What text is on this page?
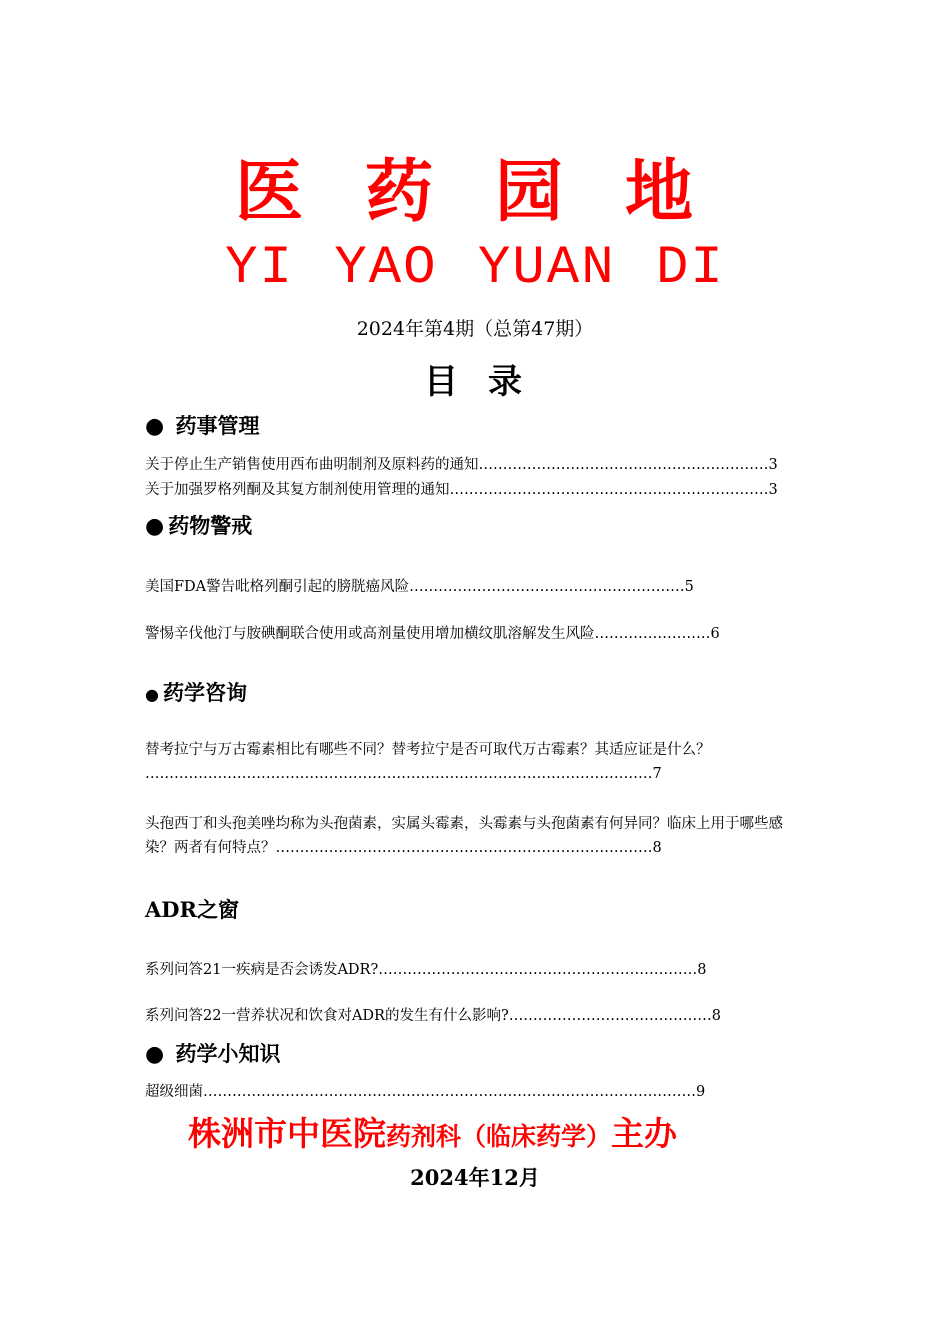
医药园地
YI YAO YUAN DI
2024年第4期（总第47期）
目录
● 药事管理
关于停止生产销售使用西布曲明制剂及原料药的通知……………………………………………………3
关于加强罗格列酮及其复方制剂使用管理的通知…………………………………………………………3
● 药物警戒
美国FDA警告吡格列酮引起的膀胱癌风险…………………………………………………5
警惕辛伐他汀与胺碘酮联合使用或高剂量使用增加横纹肌溶解发生风险……………………6
● 药学咨询
替考拉宁与万古霉素相比有哪些不同？替考拉宁是否可取代万古霉素？其适应证是什么？
……………………………………………………………………………………………7
头孢西丁和头孢美唑均称为头孢菌素，实属头霉素，头霉素与头孢菌素有何异同？临床上用于哪些感染？两者有何特点？……………………………………………………………………8
ADR之窗
系列问答21一疾病是否会诱发ADR?…………………………………………………………8
系列问答22一营养状况和饮食对ADR的发生有什么影响?……………………………………8
● 药学小知识
超级细菌…………………………………………………………………………………………9
株洲市中医院药剂科（临床药学）主办
2024年12月
